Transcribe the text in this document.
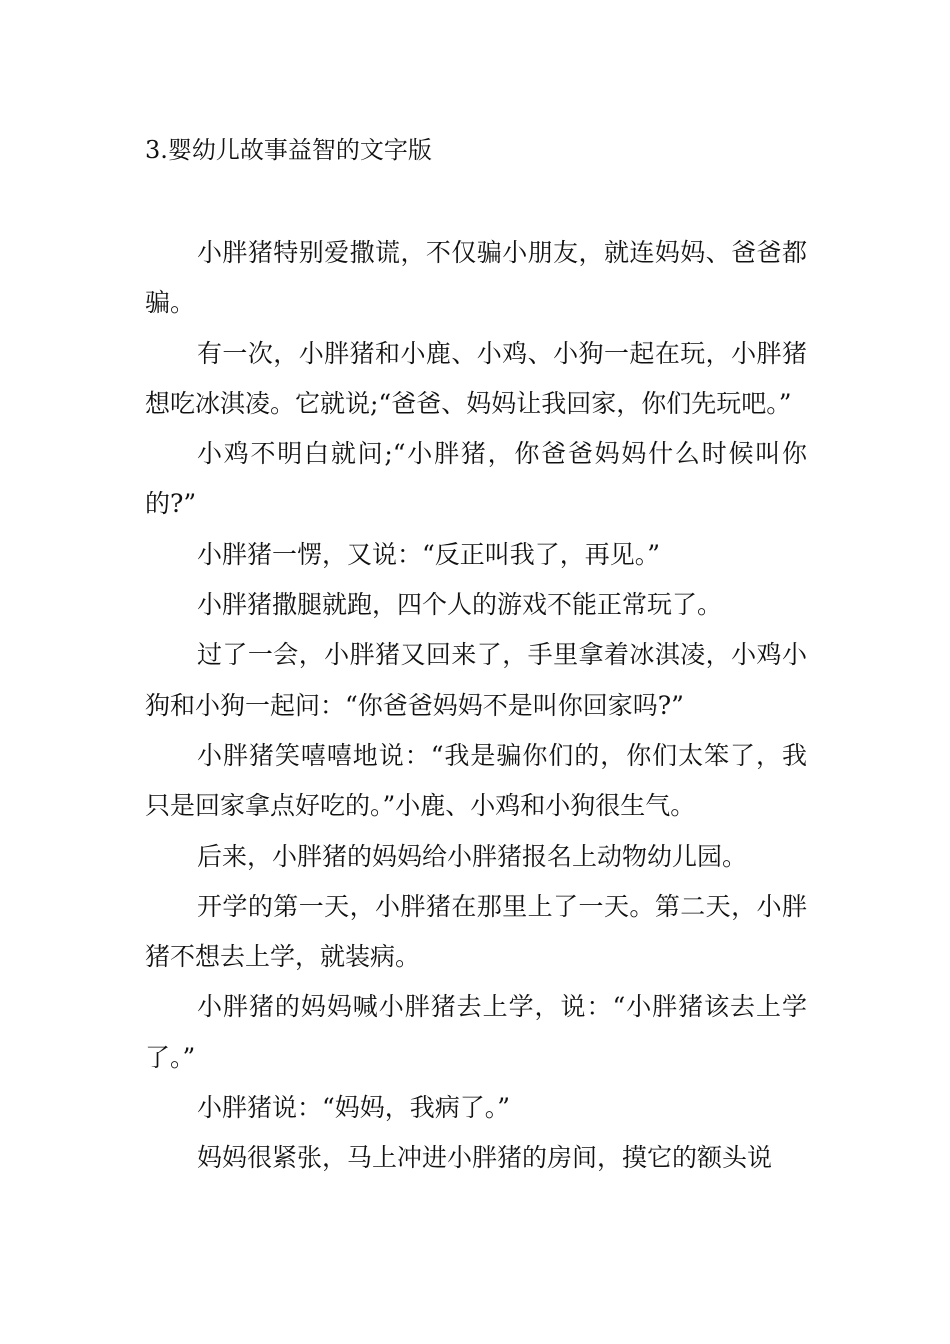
3.婴幼儿故事益智的文字版

小胖猪特别爱撒谎，不仅骗小朋友，就连妈妈、爸爸都骗。

有一次，小胖猪和小鹿、小鸡、小狗一起在玩，小胖猪想吃冰淇凌。它就说;“爸爸、妈妈让我回家，你们先玩吧。”

小鸡不明白就问;“小胖猪，你爸爸妈妈什么时候叫你的?”

小胖猪一愣，又说：“反正叫我了，再见。”

小胖猪撒腿就跑，四个人的游戏不能正常玩了。

过了一会，小胖猪又回来了，手里拿着冰淇凌，小鸡小狗和小狗一起问：“你爸爸妈妈不是叫你回家吗?”

小胖猪笑嘻嘻地说：“我是骗你们的，你们太笨了，我只是回家拿点好吃的。”小鹿、小鸡和小狗很生气。

后来，小胖猪的妈妈给小胖猪报名上动物幼儿园。

开学的第一天，小胖猪在那里上了一天。第二天，小胖猪不想去上学，就装病。

小胖猪的妈妈喊小胖猪去上学，说：“小胖猪该去上学了。”

小胖猪说：“妈妈，我病了。”

妈妈很紧张，马上冲进小胖猪的房间，摸它的额头说
